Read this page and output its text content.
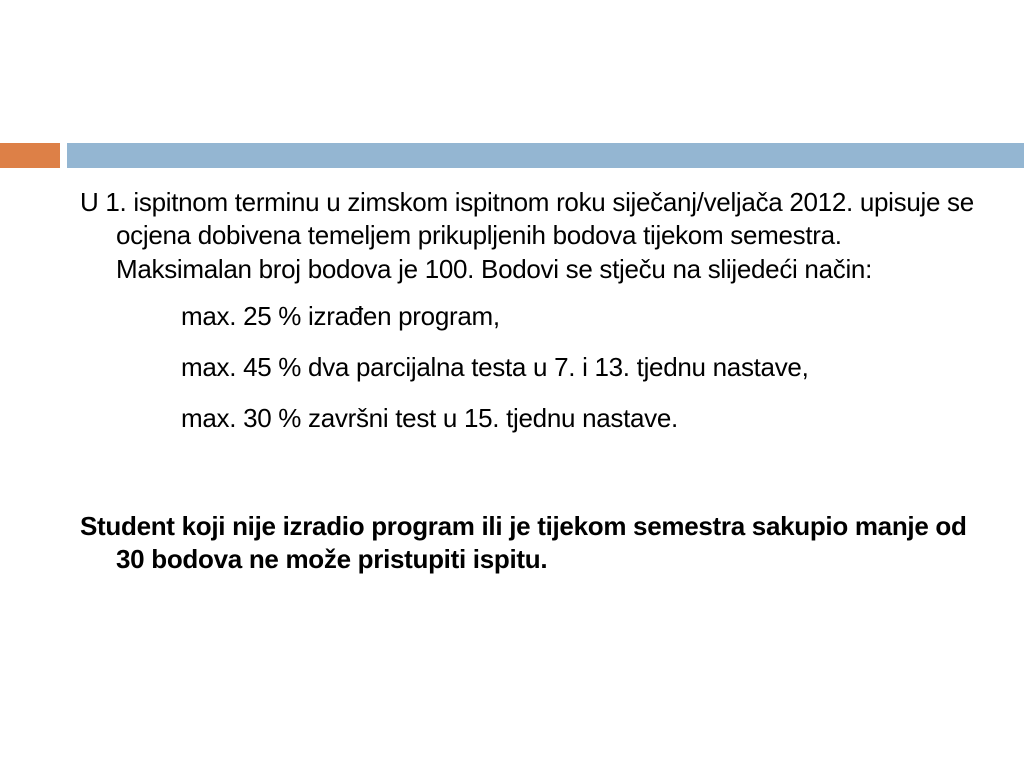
U 1. ispitnom terminu u zimskom ispitnom roku siječanj/veljača 2012. upisuje se ocjena dobivena temeljem prikupljenih bodova tijekom semestra. Maksimalan broj bodova je 100. Bodovi se stječu na slijedeći način:

max. 25 % izrađen program,

max. 45 % dva parcijalna testa u 7. i 13. tjednu nastave,

max. 30 % završni test u 15. tjednu nastave.

Student koji nije izradio program ili je tijekom semestra sakupio manje od 30 bodova ne može pristupiti ispitu.
